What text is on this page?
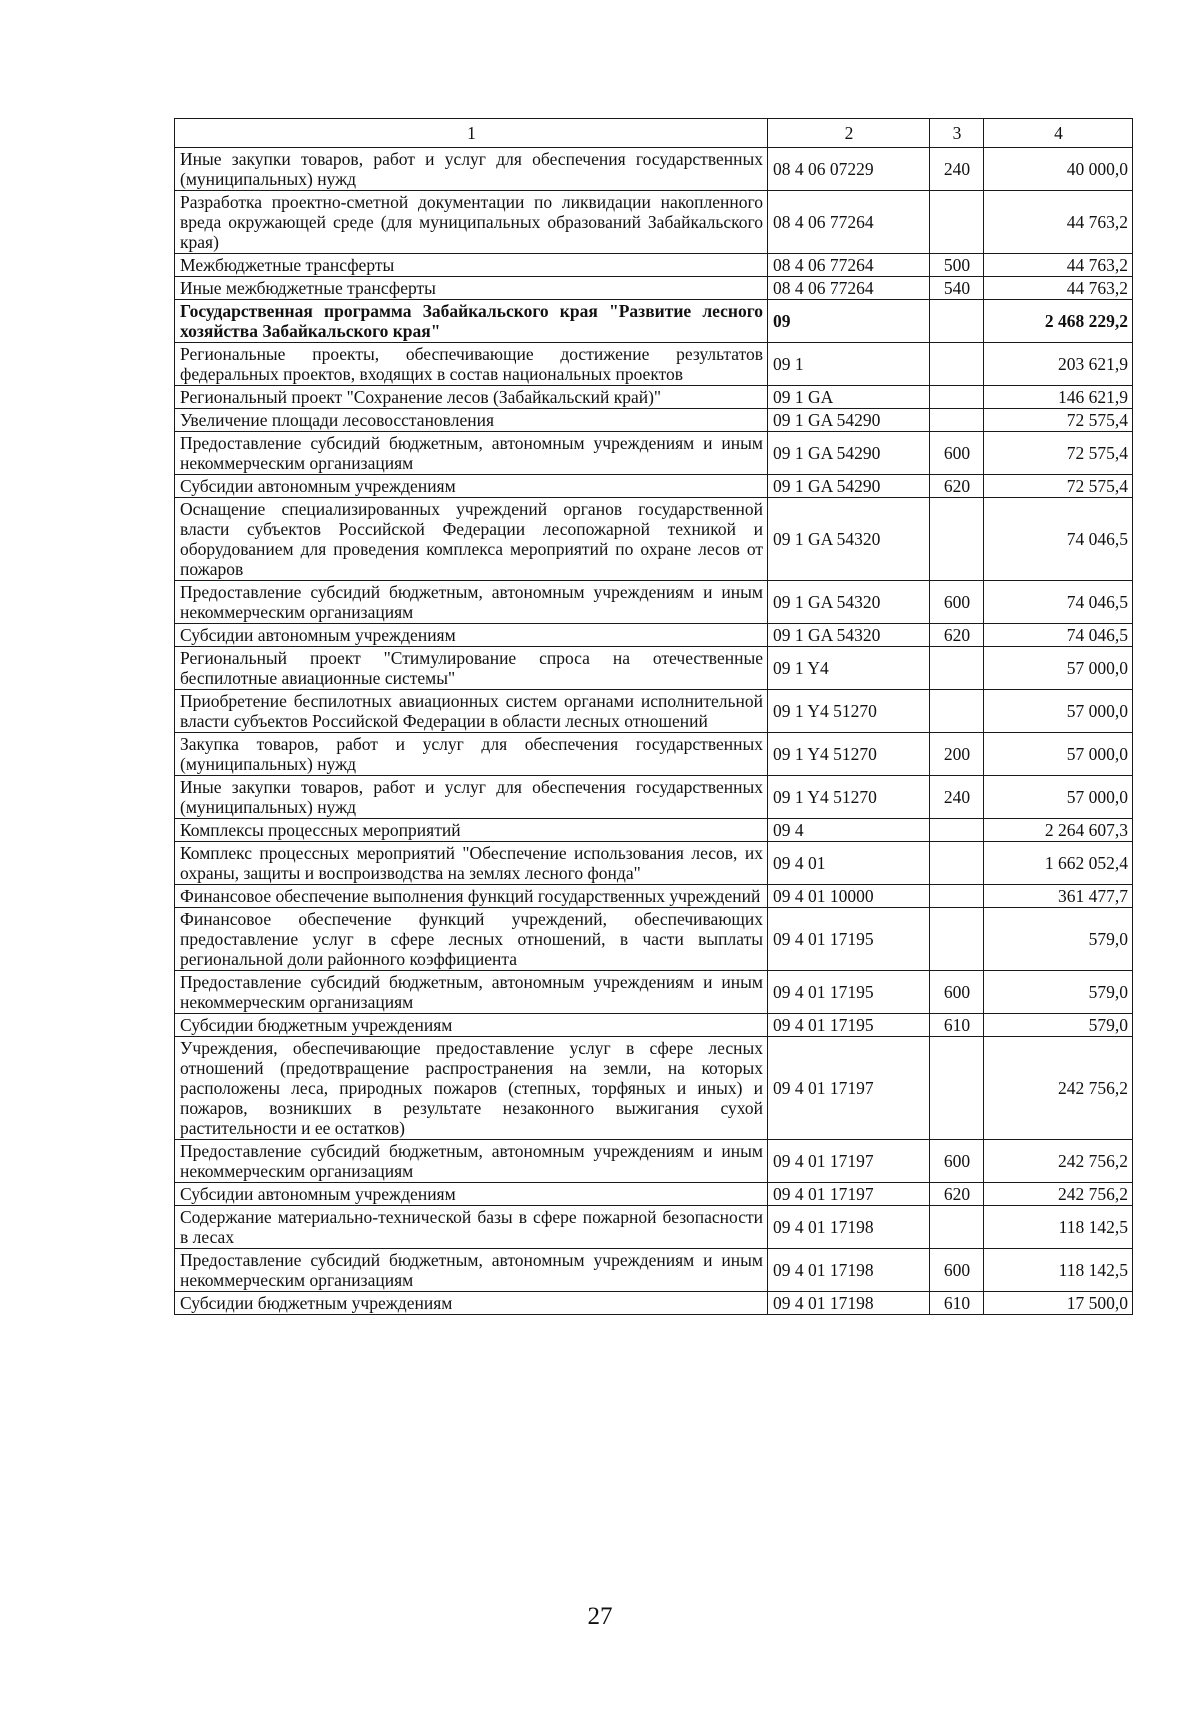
1	2	3	4
Иные закупки товаров, работ и услуг для обеспечения государственных (муниципальных) нужд	08 4 06 07229	240	40 000,0
Разработка проектно-сметной документации по ликвидации накопленного вреда окружающей среде (для муниципальных образований Забайкальского края)	08 4 06 77264		44 763,2
Межбюджетные трансферты	08 4 06 77264	500	44 763,2
Иные межбюджетные трансферты	08 4 06 77264	540	44 763,2
Государственная программа Забайкальского края "Развитие лесного хозяйства Забайкальского края"	09		2 468 229,2
Региональные проекты, обеспечивающие достижение результатов федеральных проектов, входящих в состав национальных проектов	09 1		203 621,9
Региональный проект "Сохранение лесов (Забайкальский край)"	09 1 GA		146 621,9
Увеличение площади лесовосстановления	09 1 GA 54290		72 575,4
Предоставление субсидий бюджетным, автономным учреждениям и иным некоммерческим организациям	09 1 GA 54290	600	72 575,4
Субсидии автономным учреждениям	09 1 GA 54290	620	72 575,4
Оснащение специализированных учреждений органов государственной власти субъектов Российской Федерации лесопожарной техникой и оборудованием для проведения комплекса мероприятий по охране лесов от пожаров	09 1 GA 54320		74 046,5
Предоставление субсидий бюджетным, автономным учреждениям и иным некоммерческим организациям	09 1 GA 54320	600	74 046,5
Субсидии автономным учреждениям	09 1 GA 54320	620	74 046,5
Региональный проект "Стимулирование спроса на отечественные беспилотные авиационные системы"	09 1 Y4		57 000,0
Приобретение беспилотных авиационных систем органами исполнительной власти субъектов Российской Федерации в области лесных отношений	09 1 Y4 51270		57 000,0
Закупка товаров, работ и услуг для обеспечения государственных (муниципальных) нужд	09 1 Y4 51270	200	57 000,0
Иные закупки товаров, работ и услуг для обеспечения государственных (муниципальных) нужд	09 1 Y4 51270	240	57 000,0
Комплексы процессных мероприятий	09 4		2 264 607,3
Комплекс процессных мероприятий "Обеспечение использования лесов, их охраны, защиты и воспроизводства на землях лесного фонда"	09 4 01		1 662 052,4
Финансовое обеспечение выполнения функций государственных учреждений	09 4 01 10000		361 477,7
Финансовое обеспечение функций учреждений, обеспечивающих предоставление услуг в сфере лесных отношений, в части выплаты региональной доли районного коэффициента	09 4 01 17195		579,0
Предоставление субсидий бюджетным, автономным учреждениям и иным некоммерческим организациям	09 4 01 17195	600	579,0
Субсидии бюджетным учреждениям	09 4 01 17195	610	579,0
Учреждения, обеспечивающие предоставление услуг в сфере лесных отношений (предотвращение распространения на земли, на которых расположены леса, природных пожаров (степных, торфяных и иных) и пожаров, возникших в результате незаконного выжигания сухой растительности и ее остатков)	09 4 01 17197		242 756,2
Предоставление субсидий бюджетным, автономным учреждениям и иным некоммерческим организациям	09 4 01 17197	600	242 756,2
Субсидии автономным учреждениям	09 4 01 17197	620	242 756,2
Содержание материально-технической базы в сфере пожарной безопасности в лесах	09 4 01 17198		118 142,5
Предоставление субсидий бюджетным, автономным учреждениям и иным некоммерческим организациям	09 4 01 17198	600	118 142,5
Субсидии бюджетным учреждениям	09 4 01 17198	610	17 500,0
27
